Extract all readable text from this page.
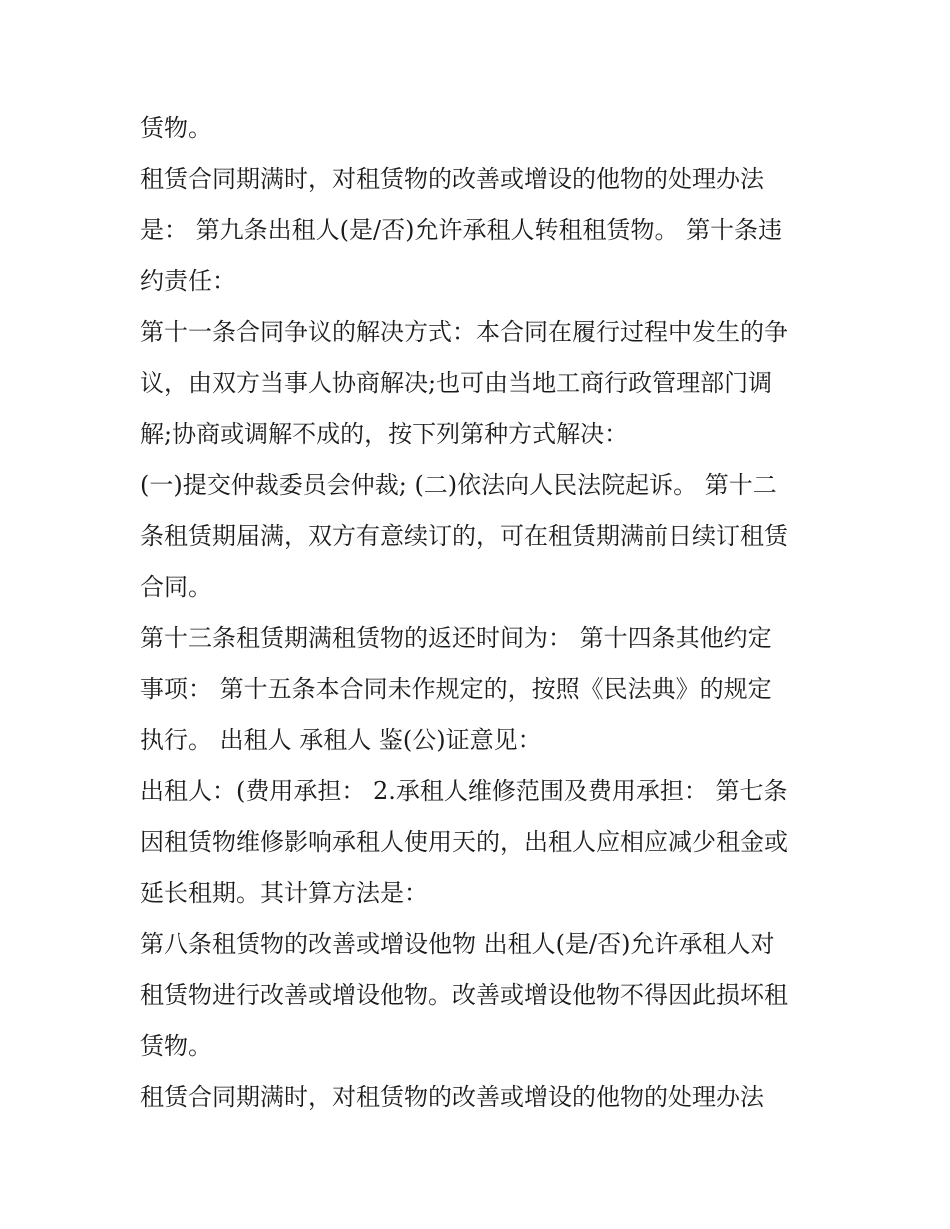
赁物。

租赁合同期满时，对租赁物的改善或增设的他物的处理办法
是： 第九条出租人(是/否)允许承租人转租租赁物。 第十条违
约责任：

第十一条合同争议的解决方式：本合同在履行过程中发生的争
议，由双方当事人协商解决;也可由当地工商行政管理部门调
解;协商或调解不成的，按下列第种方式解决：

(一)提交仲裁委员会仲裁; (二)依法向人民法院起诉。 第十二
条租赁期届满，双方有意续订的，可在租赁期满前日续订租赁
合同。

第十三条租赁期满租赁物的返还时间为： 第十四条其他约定
事项： 第十五条本合同未作规定的，按照《民法典》的规定
执行。 出租人 承租人 鉴(公)证意见：

出租人：(费用承担： 2.承租人维修范围及费用承担： 第七条
因租赁物维修影响承租人使用天的，出租人应相应减少租金或
延长租期。其计算方法是：

第八条租赁物的改善或增设他物 出租人(是/否)允许承租人对
租赁物进行改善或增设他物。改善或增设他物不得因此损坏租
赁物。

租赁合同期满时，对租赁物的改善或增设的他物的处理办法
